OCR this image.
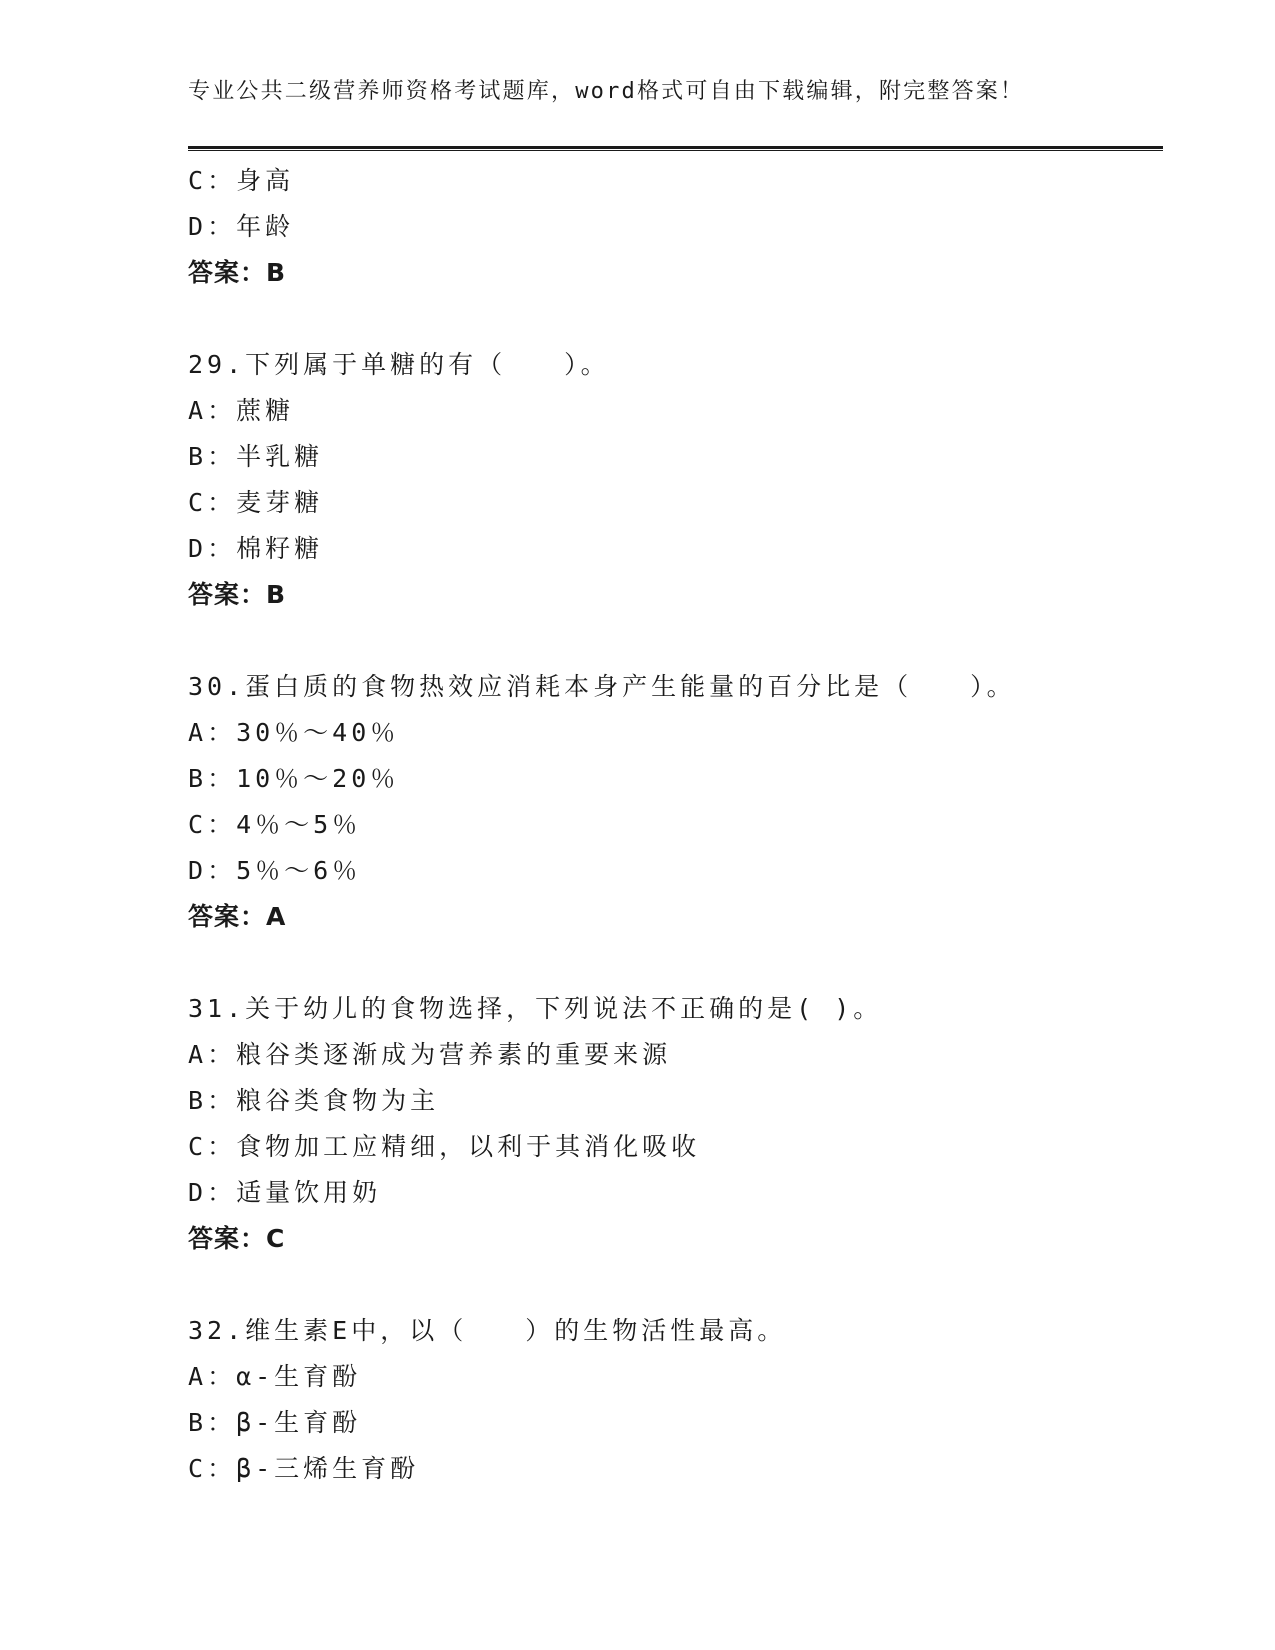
专业公共二级营养师资格考试题库，word格式可自由下载编辑，附完整答案！
C：身高
D：年龄
答案：B
29.下列属于单糖的有（　　）。
A：蔗糖
B：半乳糖
C：麦芽糖
D：棉籽糖
答案：B
30.蛋白质的食物热效应消耗本身产生能量的百分比是（　　）。
A：30％～40％
B：10％～20％
C：4％～5％
D：5％～6％
答案：A
31.关于幼儿的食物选择，下列说法不正确的是( )。
A：粮谷类逐渐成为营养素的重要来源
B：粮谷类食物为主
C：食物加工应精细，以利于其消化吸收
D：适量饮用奶
答案：C
32.维生素E中，以（　　）的生物活性最高。
A：α-生育酚
B：β-生育酚
C：β-三烯生育酚
